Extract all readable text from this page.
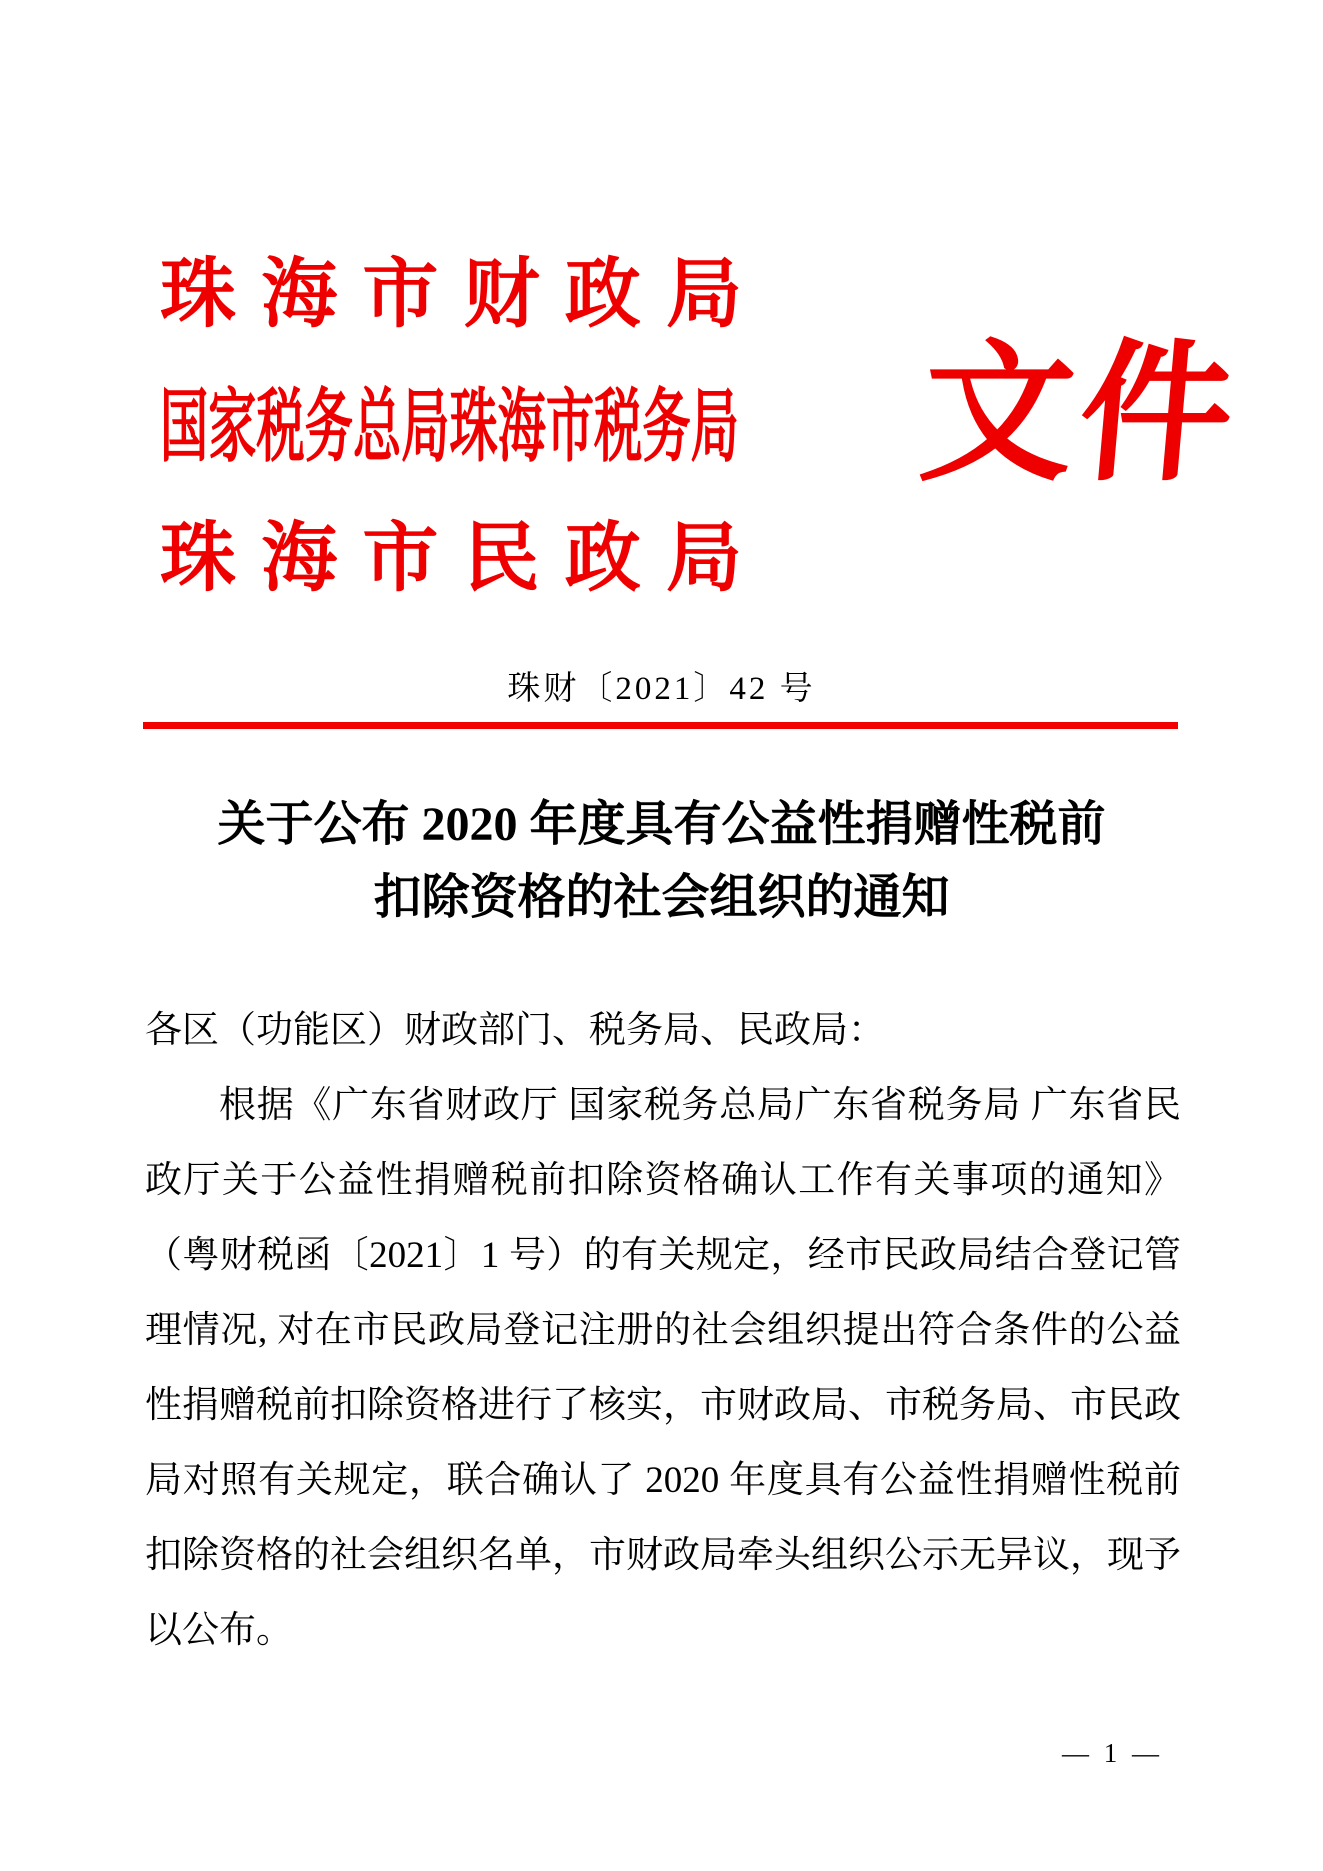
珠海市财政局
国家税务总局珠海市税务局
珠海市民政局
文件
珠财〔2021〕42 号
关于公布 2020 年度具有公益性捐赠性税前
扣除资格的社会组织的通知
各区（功能区）财政部门、税务局、民政局：
根据《广东省财政厅 国家税务总局广东省税务局 广东省民
政厅关于公益性捐赠税前扣除资格确认工作有关事项的通知》
（粤财税函〔2021〕1 号）的有关规定，经市民政局结合登记管
理情况, 对在市民政局登记注册的社会组织提出符合条件的公益
性捐赠税前扣除资格进行了核实，市财政局、市税务局、市民政
局对照有关规定，联合确认了 2020 年度具有公益性捐赠性税前
扣除资格的社会组织名单，市财政局牵头组织公示无异议，现予
以公布。
— 1 —
